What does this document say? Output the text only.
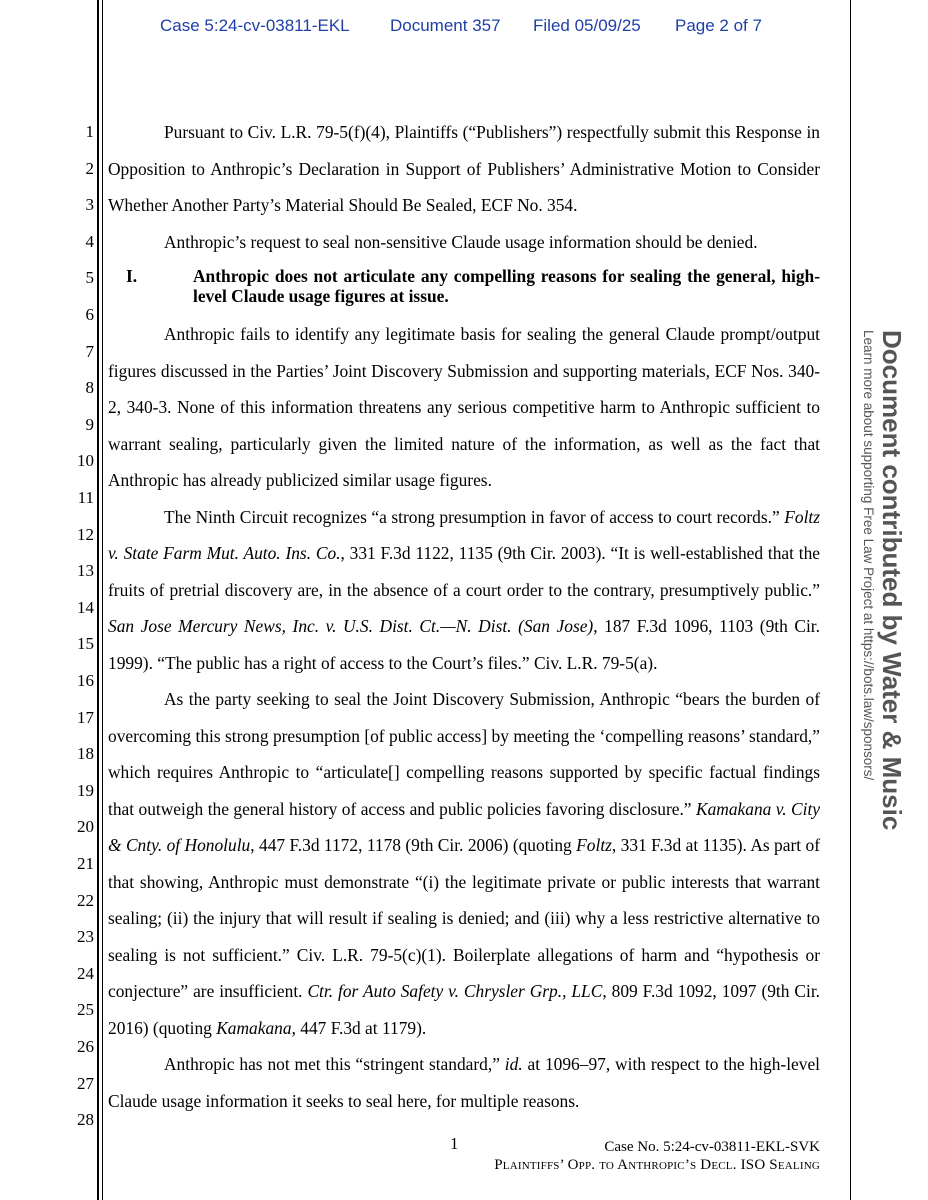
Case 5:24-cv-03811-EKL Document 357 Filed 05/09/25 Page 2 of 7
1
2
3
4
5
6
7
8
9
10
11
12
13
14
15
16
17
18
19
20
21
22
23
24
25
26
27
28

Pursuant to Civ. L.R. 79-5(f)(4), Plaintiffs (“Publishers”) respectfully submit this Response in Opposition to Anthropic’s Declaration in Support of Publishers’ Administrative Motion to Consider Whether Another Party’s Material Should Be Sealed, ECF No. 354.

Anthropic’s request to seal non-sensitive Claude usage information should be denied.

I.	Anthropic does not articulate any compelling reasons for sealing the general, high-level Claude usage figures at issue.

Anthropic fails to identify any legitimate basis for sealing the general Claude prompt/output figures discussed in the Parties’ Joint Discovery Submission and supporting materials, ECF Nos. 340-2, 340-3. None of this information threatens any serious competitive harm to Anthropic sufficient to warrant sealing, particularly given the limited nature of the information, as well as the fact that Anthropic has already publicized similar usage figures.

The Ninth Circuit recognizes “a strong presumption in favor of access to court records.” Foltz v. State Farm Mut. Auto. Ins. Co., 331 F.3d 1122, 1135 (9th Cir. 2003). “It is well-established that the fruits of pretrial discovery are, in the absence of a court order to the contrary, presumptively public.” San Jose Mercury News, Inc. v. U.S. Dist. Ct.—N. Dist. (San Jose), 187 F.3d 1096, 1103 (9th Cir. 1999). “The public has a right of access to the Court’s files.” Civ. L.R. 79-5(a).

As the party seeking to seal the Joint Discovery Submission, Anthropic “bears the burden of overcoming this strong presumption [of public access] by meeting the ‘compelling reasons’ standard,” which requires Anthropic to “articulate[] compelling reasons supported by specific factual findings that outweigh the general history of access and public policies favoring disclosure.” Kamakana v. City & Cnty. of Honolulu, 447 F.3d 1172, 1178 (9th Cir. 2006) (quoting Foltz, 331 F.3d at 1135). As part of that showing, Anthropic must demonstrate “(i) the legitimate private or public interests that warrant sealing; (ii) the injury that will result if sealing is denied; and (iii) why a less restrictive alternative to sealing is not sufficient.” Civ. L.R. 79-5(c)(1). Boilerplate allegations of harm and “hypothesis or conjecture” are insufficient. Ctr. for Auto Safety v. Chrysler Grp., LLC, 809 F.3d 1092, 1097 (9th Cir. 2016) (quoting Kamakana, 447 F.3d at 1179).

Anthropic has not met this “stringent standard,” id. at 1096–97, with respect to the high-level Claude usage information it seeks to seal here, for multiple reasons.

1	Case No. 5:24-cv-03811-EKL-SVK
Plaintiffs’ Opp. to Anthropic’s Decl. ISO Sealing
Document contributed by Water & Music
Learn more about supporting Free Law Project at https://bots.law/sponsors/
